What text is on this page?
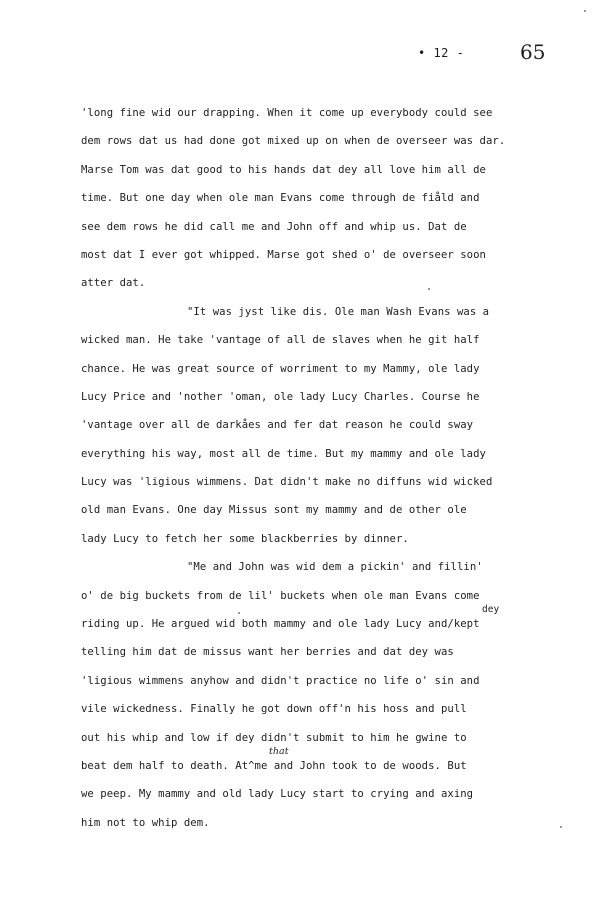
• 12 -	65
'long fine wid our drapping. When it come up everybody could see
dem rows dat us had done got mixed up on when de overseer was dar.
Marse Tom was dat good to his hands dat dey all love him all de
time. But one day when ole man Evans come through de fiåld and
see dem rows he did call me and John off and whip us. Dat de
most dat I ever got whipped. Marse got shed o' de overseer soon
atter dat.
"It was jyst like dis. Ole man Wash Evans was a
wicked man. He take 'vantage of all de slaves when he git half
chance. He was great source of worriment to my Mammy, ole lady
Lucy Price and 'nother 'oman, ole lady Lucy Charles. Course he
'vantage over all de darkåes and fer dat reason he could sway
everything his way, most all de time. But my mammy and ole lady
Lucy was 'ligious wimmens. Dat didn't make no diffuns wid wicked
old man Evans. One day Missus sont my mammy and de other ole
lady Lucy to fetch her some blackberries by dinner.
"Me and John was wid dem a pickin' and fillin'
o' de big buckets from de lil' buckets when ole man Evans come
dey
riding up. He argued wid both mammy and ole lady Lucy and/kept
telling him dat de missus want her berries and dat dey was
'ligious wimmens anyhow and didn't practice no life o' sin and
vile wickedness. Finally he got down off'n his hoss and pull
out his whip and low if dey didn't submit to him he gwine to
that
beat dem half to death. At^me and John took to de woods. But
we peep. My mammy and old lady Lucy start to crying and axing
him not to whip dem.
